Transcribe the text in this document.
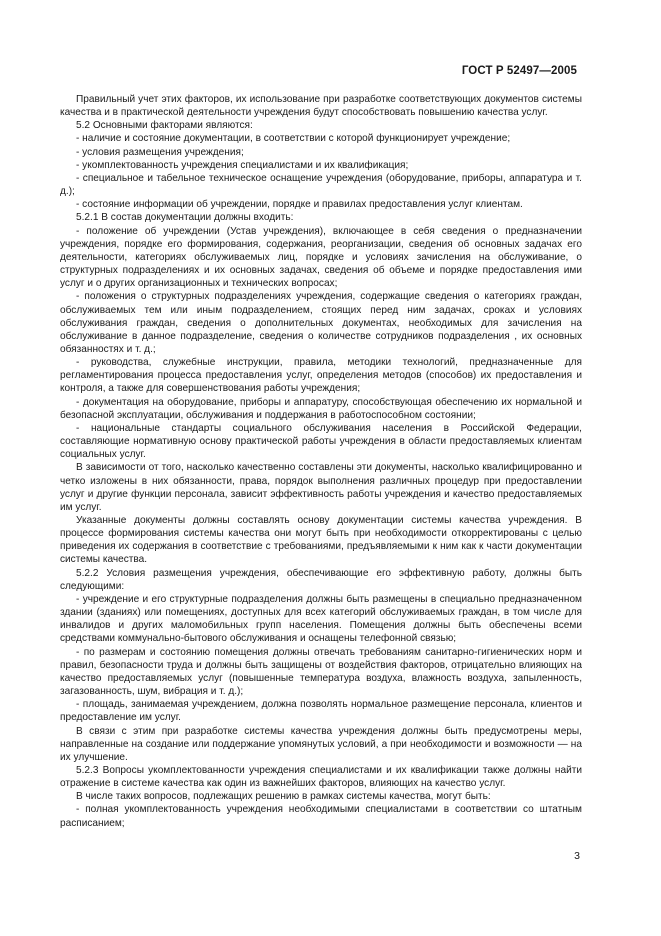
ГОСТ Р 52497—2005

Правильный учет этих факторов, их использование при разработке соответствующих документов системы качества и в практической деятельности учреждения будут способствовать повышению качества услуг.

5.2 Основными факторами являются:

- наличие и состояние документации, в соответствии с которой функционирует учреждение;

- условия размещения учреждения;

- укомплектованность учреждения специалистами и их квалификация;

- специальное и табельное техническое оснащение учреждения (оборудование, приборы, аппаратура и т. д.);

- состояние информации об учреждении, порядке и правилах предоставления услуг клиентам.

5.2.1 В состав документации должны входить:

- положение об учреждении (Устав учреждения), включающее в себя сведения о предназначении учреждения, порядке его формирования, содержания, реорганизации, сведения об основных задачах его деятельности, категориях обслуживаемых лиц, порядке и условиях зачисления на обслуживание, о структурных подразделениях и их основных задачах, сведения об объеме и порядке предоставления ими услуг и о других организационных и технических вопросах;

- положения о структурных подразделениях учреждения, содержащие сведения о категориях граждан, обслуживаемых тем или иным подразделением, стоящих перед ним задачах, сроках и условиях обслуживания граждан, сведения о дополнительных документах, необходимых для зачисления на обслуживание в данное подразделение, сведения о количестве сотрудников подразделения , их основных обязанностях и т. д.;

- руководства, служебные инструкции, правила, методики технологий, предназначенные для регламентирования процесса предоставления услуг, определения методов (способов) их предоставления и контроля, а также для совершенствования работы учреждения;

- документация на оборудование, приборы и аппаратуру, способствующая обеспечению их нормальной и безопасной эксплуатации, обслуживания и поддержания в работоспособном состоянии;

- национальные стандарты социального обслуживания населения в Российской Федерации, составляющие нормативную основу практической работы учреждения в области предоставляемых клиентам социальных услуг.

В зависимости от того, насколько качественно составлены эти документы, насколько квалифицированно и четко изложены в них обязанности, права, порядок выполнения различных процедур при предоставлении услуг и другие функции персонала, зависит эффективность работы учреждения и качество предоставляемых им услуг.

Указанные документы должны составлять основу документации системы качества учреждения. В процессе формирования системы качества они могут быть при необходимости откорректированы с целью приведения их содержания в соответствие с требованиями, предъявляемыми к ним как к части документации системы качества.

5.2.2 Условия размещения учреждения, обеспечивающие его эффективную работу, должны быть следующими:

- учреждение и его структурные подразделения должны быть размещены в специально предназначенном здании (зданиях) или помещениях, доступных для всех категорий обслуживаемых граждан, в том числе для инвалидов и других маломобильных групп населения. Помещения должны быть обеспечены всеми средствами коммунально-бытового обслуживания и оснащены телефонной связью;

- по размерам и состоянию помещения должны отвечать требованиям санитарно-гигиенических норм и правил, безопасности труда и должны быть защищены от воздействия факторов, отрицательно влияющих на качество предоставляемых услуг (повышенные температура воздуха, влажность воздуха, запыленность, загазованность, шум, вибрация и т. д.);

- площадь, занимаемая учреждением, должна позволять нормальное размещение персонала, клиентов и предоставление им услуг.

В связи с этим при разработке системы качества учреждения должны быть предусмотрены меры, направленные на создание или поддержание упомянутых условий, а при необходимости и возможности — на их улучшение.

5.2.3 Вопросы укомплектованности учреждения специалистами и их квалификации также должны найти отражение в системе качества как один из важнейших факторов, влияющих на качество услуг.

В числе таких вопросов, подлежащих решению в рамках системы качества, могут быть:

- полная укомплектованность учреждения необходимыми специалистами в соответствии со штатным расписанием;

3
